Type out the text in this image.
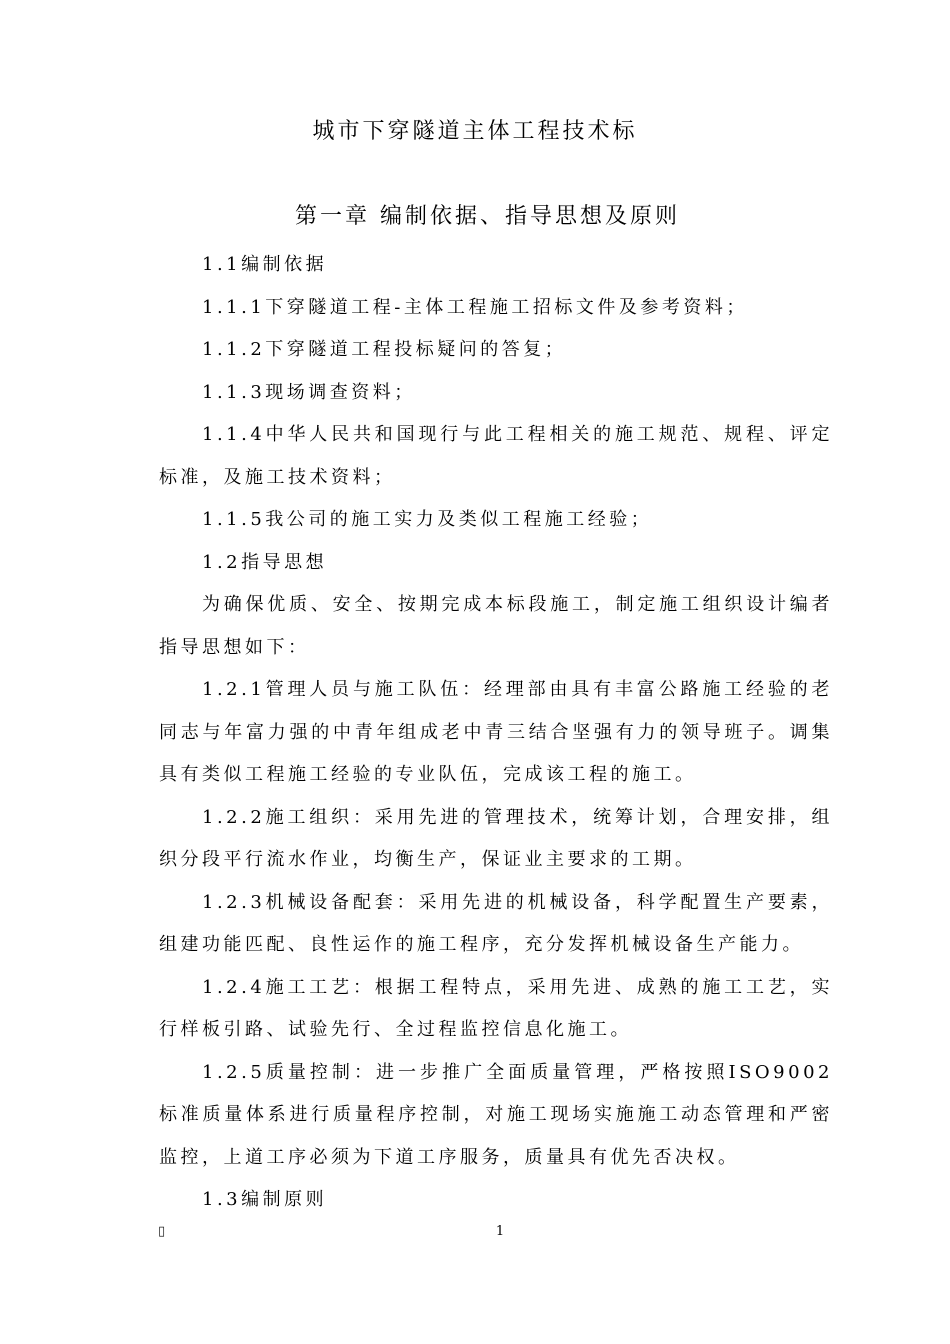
城市下穿隧道主体工程技术标
第一章 编制依据、指导思想及原则

1.1编制依据

1.1.1下穿隧道工程-主体工程施工招标文件及参考资料；

1.1.2下穿隧道工程投标疑问的答复；

1.1.3现场调查资料；

1.1.4中华人民共和国现行与此工程相关的施工规范、规程、评定标准，及施工技术资料；

1.1.5我公司的施工实力及类似工程施工经验；

1.2指导思想

为确保优质、安全、按期完成本标段施工，制定施工组织设计编者指导思想如下：

1.2.1管理人员与施工队伍：经理部由具有丰富公路施工经验的老同志与年富力强的中青年组成老中青三结合坚强有力的领导班子。调集具有类似工程施工经验的专业队伍，完成该工程的施工。

1.2.2施工组织：采用先进的管理技术，统筹计划，合理安排，组织分段平行流水作业，均衡生产，保证业主要求的工期。

1.2.3机械设备配套：采用先进的机械设备，科学配置生产要素，组建功能匹配、良性运作的施工程序，充分发挥机械设备生产能力。

1.2.4施工工艺：根据工程特点，采用先进、成熟的施工工艺，实行样板引路、试验先行、全过程监控信息化施工。

1.2.5质量控制：进一步推广全面质量管理，严格按照ISO9002标准质量体系进行质量程序控制，对施工现场实施施工动态管理和严密监控，上道工序必须为下道工序服务，质量具有优先否决权。

1.3编制原则

▯	1
